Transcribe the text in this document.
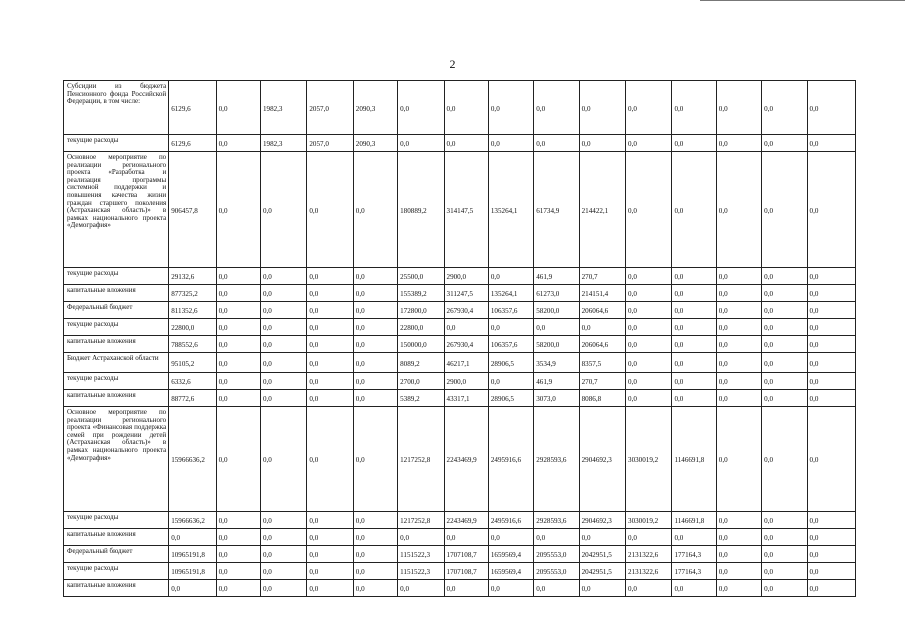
2
Субсидии из бюджета Пенсионного фонда Российской Федерации, в том числе:	6129,6	0,0	1982,3	2057,0	2090,3	0,0	0,0	0,0	0,0	0,0	0,0	0,0	0,0	0,0	0,0
текущие расходы	6129,6	0,0	1982,3	2057,0	2090,3	0,0	0,0	0,0	0,0	0,0	0,0	0,0	0,0	0,0	0,0
Основное мероприятие по реализации регионального проекта «Разработка и реализация программы системной поддержки и повышения качества жизни граждан старшего поколения (Астраханская область)» в рамках национального проекта «Демография»	906457,8	0,0	0,0	0,0	0,0	180889,2	314147,5	135264,1	61734,9	214422,1	0,0	0,0	0,0	0,0	0,0
текущие расходы	29132,6	0,0	0,0	0,0	0,0	25500,0	2900,0	0,0	461,9	270,7	0,0	0,0	0,0	0,0	0,0
капитальные вложения	877325,2	0,0	0,0	0,0	0,0	155389,2	311247,5	135264,1	61273,0	214151,4	0,0	0,0	0,0	0,0	0,0
Федеральный бюджет	811352,6	0,0	0,0	0,0	0,0	172800,0	267930,4	106357,6	58200,0	206064,6	0,0	0,0	0,0	0,0	0,0
текущие расходы	22800,0	0,0	0,0	0,0	0,0	22800,0	0,0	0,0	0,0	0,0	0,0	0,0	0,0	0,0	0,0
капитальные вложения	788552,6	0,0	0,0	0,0	0,0	150000,0	267930,4	106357,6	58200,0	206064,6	0,0	0,0	0,0	0,0	0,0
Бюджет Астраханской области	95105,2	0,0	0,0	0,0	0,0	8089,2	46217,1	28906,5	3534,9	8357,5	0,0	0,0	0,0	0,0	0,0
текущие расходы	6332,6	0,0	0,0	0,0	0,0	2700,0	2900,0	0,0	461,9	270,7	0,0	0,0	0,0	0,0	0,0
капитальные вложения	88772,6	0,0	0,0	0,0	0,0	5389,2	43317,1	28906,5	3073,0	8086,8	0,0	0,0	0,0	0,0	0,0
Основное мероприятие по реализации регионального проекта «Финансовая поддержка семей при рождении детей (Астраханская область)» в рамках национального проекта «Демография»	15966636,2	0,0	0,0	0,0	0,0	1217252,8	2243469,9	2495916,6	2928593,6	2904692,3	3030019,2	1146691,8	0,0	0,0	0,0
текущие расходы	15966636,2	0,0	0,0	0,0	0,0	1217252,8	2243469,9	2495916,6	2928593,6	2904692,3	3030019,2	1146691,8	0,0	0,0	0,0
капитальные вложения	0,0	0,0	0,0	0,0	0,0	0,0	0,0	0,0	0,0	0,0	0,0	0,0	0,0	0,0	0,0
Федеральный бюджет	10965191,8	0,0	0,0	0,0	0,0	1151522,3	1707108,7	1659569,4	2095553,0	2042951,5	2131322,6	177164,3	0,0	0,0	0,0
текущие расходы	10965191,8	0,0	0,0	0,0	0,0	1151522,3	1707108,7	1659569,4	2095553,0	2042951,5	2131322,6	177164,3	0,0	0,0	0,0
капитальные вложения	0,0	0,0	0,0	0,0	0,0	0,0	0,0	0,0	0,0	0,0	0,0	0,0	0,0	0,0	0,0
